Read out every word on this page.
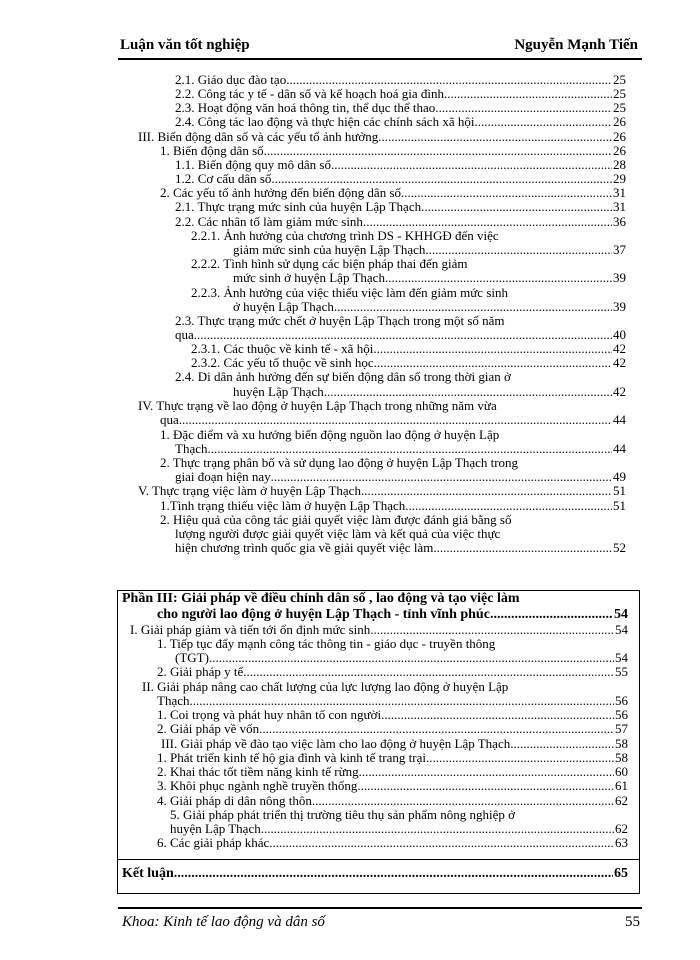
Luận văn tốt nghiệp	Nguyễn Mạnh Tiến
2.1. Giáo dục đào tạo. .....	25
2.2. Công tác y tế - dân số và kế hoạch hoá gia đình. .....	25
2.3. Hoạt động văn hoá thông tin, thể dục thể thao. .....	25
2.4. Công tác lao động và thực hiện các chính sách xã hội. .....	26
III. Biến động dân số và các yếu tố ảnh hưởng. .....	26
1. Biến động dân số. .....	26
1.1. Biến động quy mô dân số. .....	28
1.2. Cơ cấu dân số. .....	29
2. Các yếu tố ảnh hưởng đến biến động dân số .....	31
2.1. Thực trạng mức sinh của huyện Lập Thạch. .....	31
2.2. Các nhân tố làm giảm mức sinh. .....	36
2.2.1. Ảnh hưởng của chương trình DS - KHHGĐ đến việc
giảm mức sinh của huyện Lập Thạch .....	37
2.2.2. Tình hình sử dụng các biện pháp thai đến giảm
mức sinh ở huyện Lập Thạch .....	39
2.2.3. Ảnh hưởng của việc thiếu việc làm đến giảm mức sinh
ở huyện Lập Thạch .....	39
2.3. Thực trạng mức chết ở huyện Lập Thạch trong một số năm
qua .....	40
2.3.1. Các thuộc về kinh tế - xã hội .....	42
2.3.2. Các yếu tố thuộc về sinh học. .....	42
2.4. Di dân ảnh hưởng đến sự biến động dân số trong thời gian ở
huyện Lập Thạch .....	42
IV. Thực trạng về lao động ở huyện Lập Thạch trong những năm vừa
qua .....	44
1. Đặc điểm và xu hướng biến động nguồn lao động ở huyện Lập
Thạch .....	44
2. Thực trạng phân bố và sử dụng lao động ở huyện Lập Thạch trong
giai đoạn hiện nay .....	49
V. Thực trạng việc làm ở huyện Lập Thạch .....	51
1.Tình trạng thiếu việc làm ở huyện Lập Thạch .....	51
2. Hiệu quả của công tác giải quyết việc làm được đánh giá bằng số
lượng người được giải quyết việc làm và kết quả của việc thực
hiện chương trình quốc gia về giải quyết việc làm. .....	52
Phần III: Giải pháp về điều chỉnh dân số , lao động và tạo việc làm
cho người lao động ở huyện Lập Thạch - tỉnh vĩnh phúc .....	54
I. Giải pháp giảm và tiến tới ổn định mức sinh .....	54
1. Tiếp tục đẩy mạnh công tác thông tin - giáo dục - truyền thông
(TGT) .....	54
2. Giải pháp y tế .....	55
II. Giải pháp nâng cao chất lượng của lực lượng lao động ở huyện Lập
Thạch .....	56
1. Coi trọng và phát huy nhân tố con người .....	56
2. Giải pháp về vốn .....	57
III. Giải pháp về đào tạo việc làm cho lao động ở huyện Lập Thạch .....	58
1. Phát triển kinh tế hộ gia đình và kinh tế trang trại. .....	58
2. Khai thác tốt tiềm năng kinh tế rừng. .....	60
3. Khôi phục ngành nghề truyền thống. .....	61
4. Giải pháp di dân nông thôn. .....	62
5. Giải pháp phát triển thị trường tiêu thụ sản phẩm nông nghiệp ở
huyện Lập Thạch. .....	62
6. Các giải pháp khác. .....	63
Kết luận .....	65
Khoa: Kinh tế lao động và dân số	55
